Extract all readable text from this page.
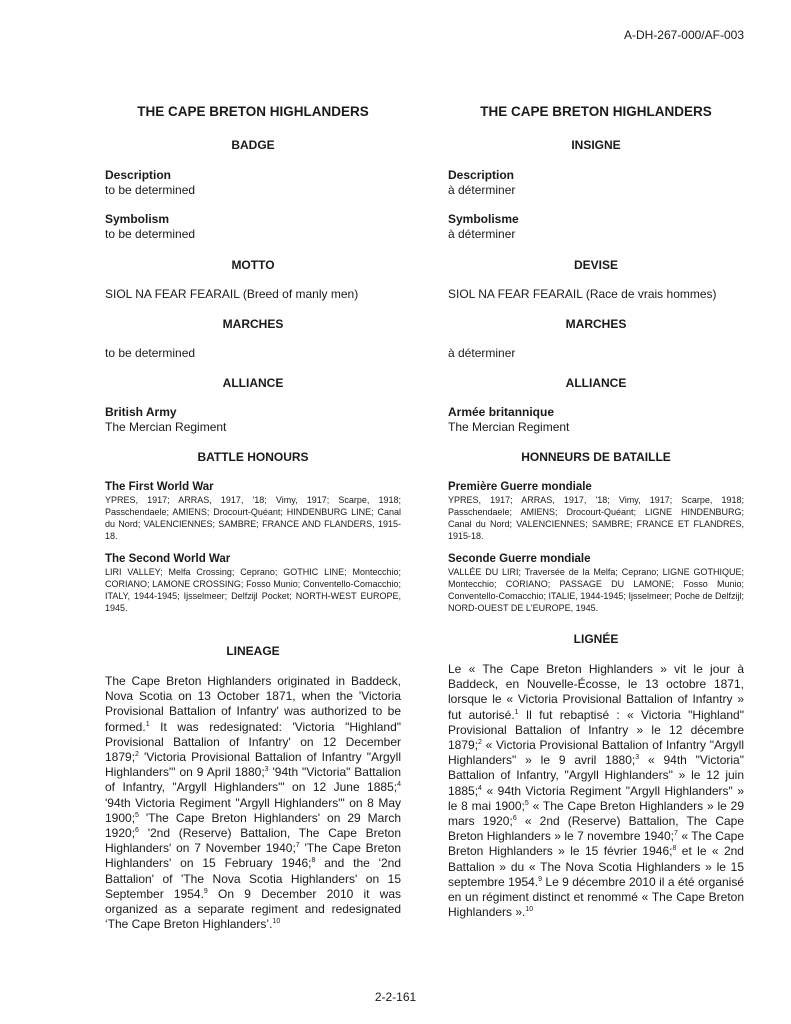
A-DH-267-000/AF-003

THE CAPE BRETON HIGHLANDERS

BADGE

Description

to be determined

Symbolism

to be determined

MOTTO

SIOL NA FEAR FEARAIL (Breed of manly men)

MARCHES

to be determined

ALLIANCE

British Army

The Mercian Regiment

BATTLE HONOURS

The First World War

YPRES, 1917; ARRAS, 1917, '18; Vimy, 1917; Scarpe, 1918; Passchendaele; AMIENS; Drocourt-Quéant; HINDENBURG LINE; Canal du Nord; VALENCIENNES; SAMBRE; FRANCE AND FLANDERS, 1915-18.

The Second World War

LIRI VALLEY; Melfa Crossing; Ceprano; GOTHIC LINE; Montecchio; CORIANO; LAMONE CROSSING; Fosso Munio; Conventello-Comacchio; ITALY, 1944-1945; Ijsselmeer; Delfzijl Pocket; NORTH-WEST EUROPE, 1945.

LINEAGE

The Cape Breton Highlanders originated in Baddeck, Nova Scotia on 13 October 1871, when the 'Victoria Provisional Battalion of Infantry' was authorized to be formed.$^1$ It was redesignated: 'Victoria "Highland" Provisional Battalion of Infantry' on 12 December 1879;$^2$ 'Victoria Provisional Battalion of Infantry "Argyll Highlanders"' on 9 April 1880;$^3$ '94th "Victoria" Battalion of Infantry, "Argyll Highlanders"' on 12 June 1885;$^4$ '94th Victoria Regiment "Argyll Highlanders"' on 8 May 1900;$^5$ 'The Cape Breton Highlanders' on 29 March 1920;$^6$ '2nd (Reserve) Battalion, The Cape Breton Highlanders' on 7 November 1940;$^7$ 'The Cape Breton Highlanders' on 15 February 1946;$^8$ and the '2nd Battalion' of 'The Nova Scotia Highlanders' on 15 September 1954.$^9$ On 9 December 2010 it was organized as a separate regiment and redesignated ‘The Cape Breton Highlanders’.$^{10}$

THE CAPE BRETON HIGHLANDERS

INSIGNE

Description

à déterminer

Symbolisme

à déterminer

DEVISE

SIOL NA FEAR FEARAIL (Race de vrais hommes)

MARCHES

à déterminer

ALLIANCE

Armée britannique

The Mercian Regiment

HONNEURS DE BATAILLE

Première Guerre mondiale

YPRES, 1917; ARRAS, 1917, '18; Vimy, 1917; Scarpe, 1918; Passchendaele; AMIENS; Drocourt-Quéant; LIGNE HINDENBURG; Canal du Nord; VALENCIENNES; SAMBRE; FRANCE ET FLANDRES, 1915-18.

Seconde Guerre mondiale

VALLÉE DU LIRI; Traversée de la Melfa; Ceprano; LIGNE GOTHIQUE; Montecchio; CORIANO; PASSAGE DU LAMONE; Fosso Munio; Conventello-Comacchio; ITALIE, 1944-1945; Ijsselmeer; Poche de Delfzijl; NORD-OUEST DE L'EUROPE, 1945.

LIGNÉE

Le « The Cape Breton Highlanders » vit le jour à Baddeck, en Nouvelle-Écosse, le 13 octobre 1871, lorsque le « Victoria Provisional Battalion of Infantry » fut autorisé.$^1$ Il fut rebaptisé : « Victoria "Highland" Provisional Battalion of Infantry » le 12 décembre 1879;$^2$ « Victoria Provisional Battalion of Infantry "Argyll Highlanders" » le 9 avril 1880;$^3$ « 94th "Victoria" Battalion of Infantry, "Argyll Highlanders" » le 12 juin 1885;$^4$ « 94th Victoria Regiment "Argyll Highlanders" » le 8 mai 1900;$^5$ « The Cape Breton Highlanders » le 29 mars 1920;$^6$ « 2nd (Reserve) Battalion, The Cape Breton Highlanders » le 7 novembre 1940;$^7$ « The Cape Breton Highlanders » le 15 février 1946;$^8$ et le « 2nd Battalion » du « The Nova Scotia Highlanders » le 15 septembre 1954.$^9$ Le 9 décembre 2010 il a été organisé en un régiment distinct et renommé « The Cape Breton Highlanders ».$^{10}$

2-2-161
